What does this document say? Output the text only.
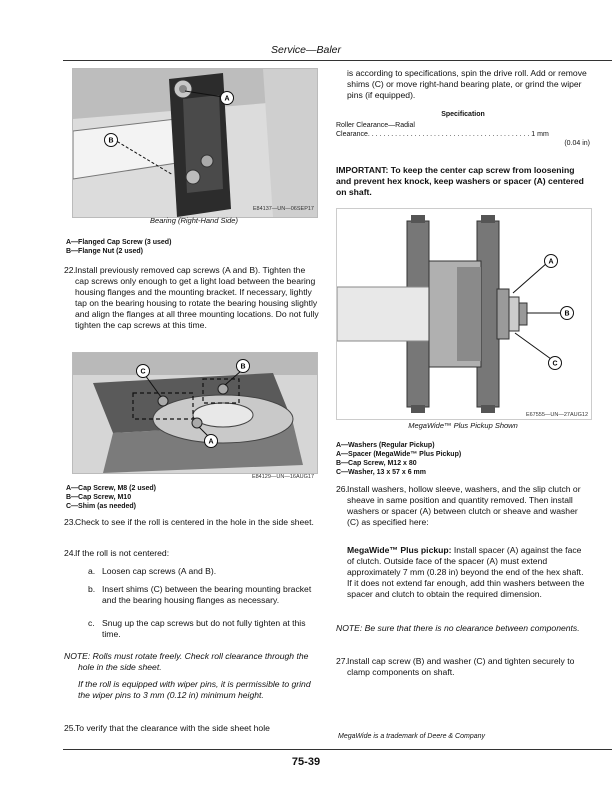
Service—Baler
A
B
E84137—UN—06SEP17
Bearing (Right-Hand Side)
A—Flanged Cap Screw (3 used)
B—Flange Nut (2 used)
22. Install previously removed cap screws (A and B). Tighten the cap screws only enough to get a light load between the bearing housing flanges and the mounting bracket. If necessary, lightly tap on the bearing housing to rotate the bearing housing slightly and align the flanges at all three mounting locations. Do not fully tighten the cap screws at this time.
C
B
A
E84129—UN—16AUG17
A—Cap Screw, M8 (2 used)
B—Cap Screw, M10
C—Shim (as needed)
23. Check to see if the roll is centered in the hole in the side sheet.
24. If the roll is not centered:
a. Loosen cap screws (A and B).
b. Insert shims (C) between the bearing mounting bracket and the bearing housing flanges as necessary.
c. Snug up the cap screws but do not fully tighten at this time.
NOTE: Rolls must rotate freely. Check roll clearance through the hole in the side sheet.
If the roll is equipped with wiper pins, it is permissible to grind the wiper pins to 3 mm (0.12 in) minimum height.
25. To verify that the clearance with the side sheet hole
is according to specifications, spin the drive roll. Add or remove shims (C) or move right-hand bearing plate, or grind the wiper pins (if equipped).
Specification
Roller Clearance—Radial
Clearance. . . . . . . . . . . . . . . . . . . . . . . . . . . . . . . . . . . . . . . . . . 1 mm
(0.04 in)
IMPORTANT: To keep the center cap screw from loosening and prevent hex knock, keep washers or spacer (A) centered on shaft.
A
B
C
E67555—UN—27AUG12
MegaWide™ Plus Pickup Shown
A—Washers (Regular Pickup)
A—Spacer (MegaWide™ Plus Pickup)
B—Cap Screw, M12 x 80
C—Washer, 13 x 57 x 6 mm
26. Install washers, hollow sleeve, washers, and the slip clutch or sheave in same position and quantity removed. Then install washers or spacer (A) between clutch or sheave and washer (C) as specified here:
MegaWide™ Plus pickup: Install spacer (A) against the face of clutch. Outside face of the spacer (A) must extend approximately 7 mm (0.28 in) beyond the end of the hex shaft. If it does not extend far enough, add thin washers between the spacer and clutch to obtain the required dimension.
NOTE: Be sure that there is no clearance between components.
27. Install cap screw (B) and washer (C) and tighten securely to clamp components on shaft.
MegaWide is a trademark of Deere & Company
75-39
